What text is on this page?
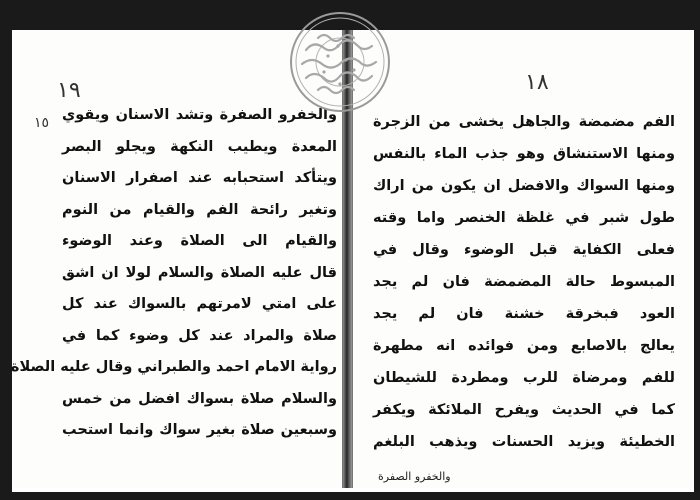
١٩
١٥ والخفرو الصفرة وتشد الاسنان ويقوي
المعدة ويطيب النكهة ويجلو البصر
ويتأكد استحبابه عند اصفرار الاسنان
وتغير رائحة الفم والقيام من النوم
والقيام الى الصلاة وعند الوضوء
قال عليه الصلاة والسلام لولا ان اشق
على امتي لامرتهم بالسواك عند كل
صلاة والمراد عند كل وضوء كما في
رواية الامام احمد والطبراني وقال عليه الصلاة
والسلام صلاة بسواك افضل من خمس
وسبعين صلاة بغير سواك وانما استحب
١٨
الفم مضمضة والجاهل يخشى من الزجرة
ومنها الاستنشاق وهو جذب الماء بالنفس
ومنها السواك والافضل ان يكون من اراك
طول شبر في غلظة الخنصر واما وقته
فعلى الكفاية قبل الوضوء وقال في
المبسوط حالة المضمضة فان لم يجد
العود فبخرقة خشنة فان لم يجد
يعالج بالاصابع ومن فوائده انه مطهرة
للفم ومرضاة للرب ومطردة للشيطان
كما في الحديث ويفرح الملائكة ويكفر
الخطيئة ويزيد الحسنات ويذهب البلغم
والخفرو الصفرة
